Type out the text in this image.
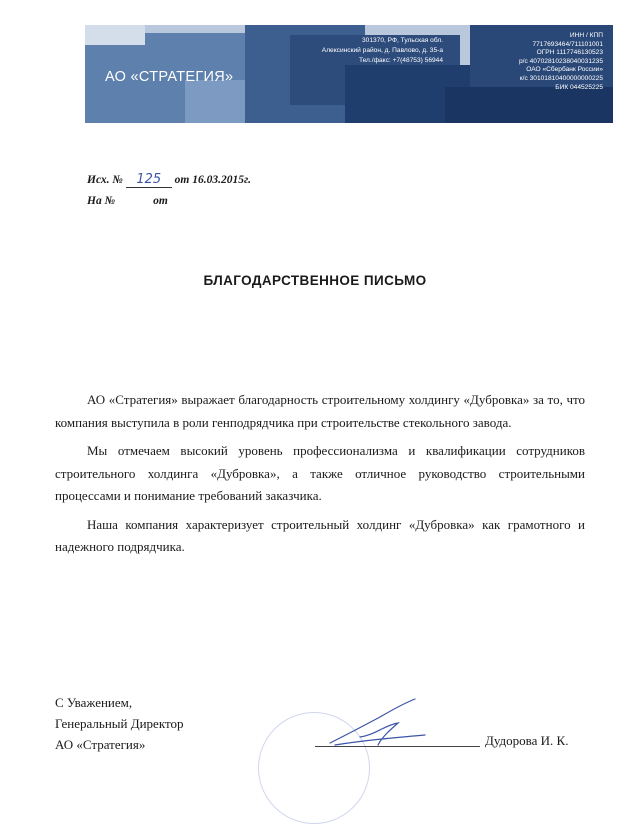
АО «СТРАТЕГИЯ»
301370, РФ, Тульская обл.
Алексинский район, д. Павлово, д. 35-а
Тел./факс: +7(48753) 56944
ИНН / КПП
7717693464/711101001
ОГРН 1117746130523
р/с 40702810238040031235
ОАО «Сбербанк России»
к/с 30101810400000000225
БИК 044525225
Исх. № 125 от 16.03.2015г.
На №	от
БЛАГОДАРСТВЕННОЕ ПИСЬМО

АО «Стратегия» выражает благодарность строительному холдингу «Дубровка» за то, что компания выступила в роли генподрядчика при строительстве стекольного завода.

Мы отмечаем высокий уровень профессионализма и квалификации сотрудников строительного холдинга «Дубровка», а также отличное руководство строительными процессами и понимание требований заказчика.

Наша компания характеризует строительный холдинг «Дубровка» как грамотного и надежного подрядчика.

С Уважением,
Генеральный Директор
АО «Стратегия»	Дудорова И. К.
